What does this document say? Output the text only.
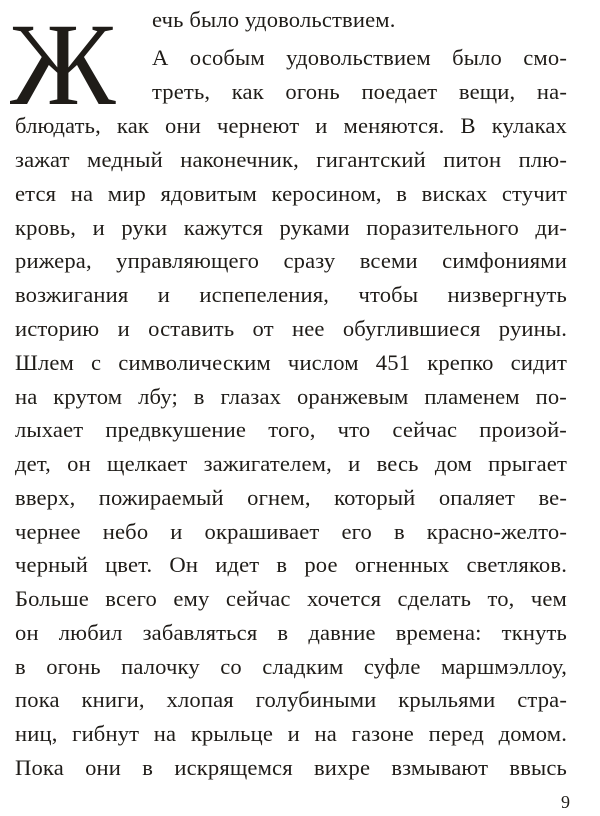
Ж ечь было удовольствием.
А особым удовольствием было смо-
треть, как огонь поедает вещи, на-
блюдать, как они чернеют и меняются. В кулаках
зажат медный наконечник, гигантский питон плю-
ется на мир ядовитым керосином, в висках стучит
кровь, и руки кажутся руками поразительного ди-
рижера, управляющего сразу всеми симфониями
возжигания и испепеления, чтобы низвергнуть
историю и оставить от нее обуглившиеся руины.
Шлем с символическим числом 451 крепко сидит
на крутом лбу; в глазах оранжевым пламенем по-
лыхает предвкушение того, что сейчас произой-
дет, он щелкает зажигателем, и весь дом прыгает
вверх, пожираемый огнем, который опаляет ве-
чернее небо и окрашивает его в красно-желто-
черный цвет. Он идет в рое огненных светляков.
Больше всего ему сейчас хочется сделать то, чем
он любил забавляться в давние времена: ткнуть
в огонь палочку со сладким суфле маршмэллоу,
пока книги, хлопая голубиными крыльями стра-
ниц, гибнут на крыльце и на газоне перед домом.
Пока они в искрящемся вихре взмывают ввысь
9
